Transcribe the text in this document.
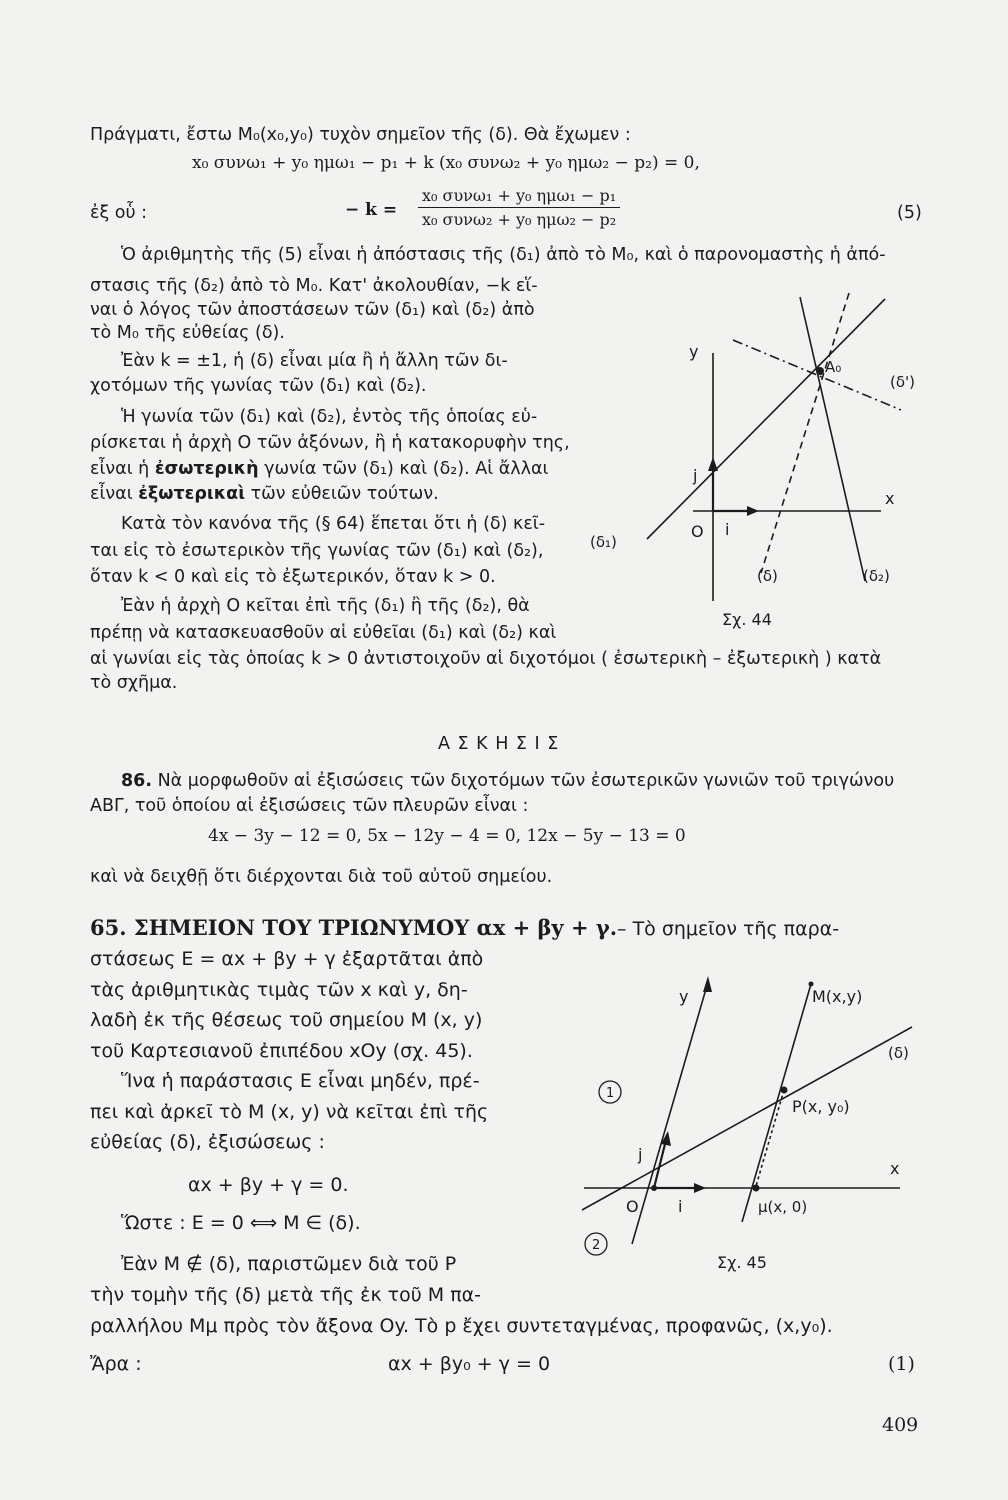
Πράγματι, ἔστω M₀(x₀,y₀) τυχὸν σημεῖον τῆς (δ). Θὰ ἔχωμεν :
x₀ συνω₁ + y₀ ημω₁ − p₁ + k (x₀ συνω₂ + y₀ ημω₂ − p₂) = 0,
ἐξ οὗ :	− k =
x₀ συνω₁ + y₀ ημω₁ − p₁
x₀ συνω₂ + y₀ ημω₂ − p₂	(5)
Ὁ ἀριθμητὴς τῆς (5) εἶναι ἡ ἀπόστασις τῆς (δ₁) ἀπὸ τὸ M₀, καὶ ὁ παρονομαστὴς ἡ ἀπό-
στασις τῆς (δ₂) ἀπὸ τὸ M₀. Κατ' ἀκολουθίαν, −k εἵ-
ναι ὁ λόγος τῶν ἀποστάσεων τῶν (δ₁) καὶ (δ₂) ἀπὸ
τὸ M₀ τῆς εὐθείας (δ).
Ἐὰν k = ±1, ἡ (δ) εἶναι μία ἢ ἡ ἄλλη τῶν δι-
χοτόμων τῆς γωνίας τῶν (δ₁) καὶ (δ₂).
Ἡ γωνία τῶν (δ₁) καὶ (δ₂), ἐντὸς τῆς ὁποίας εὑ-
ρίσκεται ἡ ἀρχὴ O τῶν ἀξόνων, ἢ ἡ κατακορυφὴν της,
εἶναι ἡ ἐσωτερικὴ γωνία τῶν (δ₁) καὶ (δ₂). Αἱ ἄλλαι
εἶναι ἐξωτερικαὶ τῶν εὐθειῶν τούτων.
Κατὰ τὸν κανόνα τῆς (§ 64) ἕπεται ὅτι ἡ (δ) κεῖ-
ται εἰς τὸ ἐσωτερικὸν τῆς γωνίας τῶν (δ₁) καὶ (δ₂),
ὅταν k < 0 καὶ εἰς τὸ ἐξωτερικόν, ὅταν k > 0.
Ἐὰν ἡ ἀρχὴ O κεῖται ἐπὶ τῆς (δ₁) ἢ τῆς (δ₂), θὰ
πρέπῃ νὰ κατασκευασθοῦν αἱ εὐθεῖαι (δ₁) καὶ (δ₂) καὶ
αἱ γωνίαι εἰς τὰς ὁποίας k > 0 ἀντιστοιχοῦν αἱ διχοτόμοι ( ἐσωτερικὴ – ἐξωτερικὴ ) κατὰ
τὸ σχῆμα.
y
x
A₀
(δ')
j
i
O
(δ₁)
(δ)	(δ₂)
Σχ. 44
Α Σ Κ Η Σ Ι Σ
86. Νὰ μορφωθοῦν αἱ ἐξισώσεις τῶν διχοτόμων τῶν ἐσωτερικῶν γωνιῶν τοῦ τριγώνου
ΑΒΓ, τοῦ ὁποίου αἱ ἐξισώσεις τῶν πλευρῶν εἶναι :
4x − 3y − 12 = 0, 5x − 12y − 4 = 0, 12x − 5y − 13 = 0
καὶ νὰ δειχθῇ ὅτι διέρχονται διὰ τοῦ αὐτοῦ σημείου.
65. ΣΗΜΕΙΟΝ ΤΟΥ ΤΡΙΩΝΥΜΟΥ αx + βy + γ.– Τὸ σημεῖον τῆς παρα-
στάσεως E = αx + βy + γ ἐξαρτᾶται ἀπὸ
τὰς ἀριθμητικὰς τιμὰς τῶν x καὶ y, δη-
λαδὴ ἐκ τῆς θέσεως τοῦ σημείου M (x, y)
τοῦ Καρτεσιανοῦ ἐπιπέδου xOy (σχ. 45).
Ἵνα ἡ παράστασις E εἶναι μηδέν, πρέ-
πει καὶ ἀρκεῖ τὸ M (x, y) νὰ κεῖται ἐπὶ τῆς
εὐθείας (δ), ἐξισώσεως :
αx + βy + γ = 0.
Ὥστε : E = 0 ⟺ M ∈ (δ).
Ἐὰν M ∉ (δ), παριστῶμεν διὰ τοῦ P
τὴν τομὴν τῆς (δ) μετὰ τῆς ἐκ τοῦ M πα-
ραλλήλου Mμ πρὸς τὸν ἄξονα Oy. Τὸ p ἔχει συντεταγμένας, προφανῶς, (x,y₀).
Ἄρα :	αx + βy₀ + γ = 0	(1)
y
x
M(x,y)
(δ)
1
P(x, y₀)
j
O i	μ(x, 0)
2
Σχ. 45
409
